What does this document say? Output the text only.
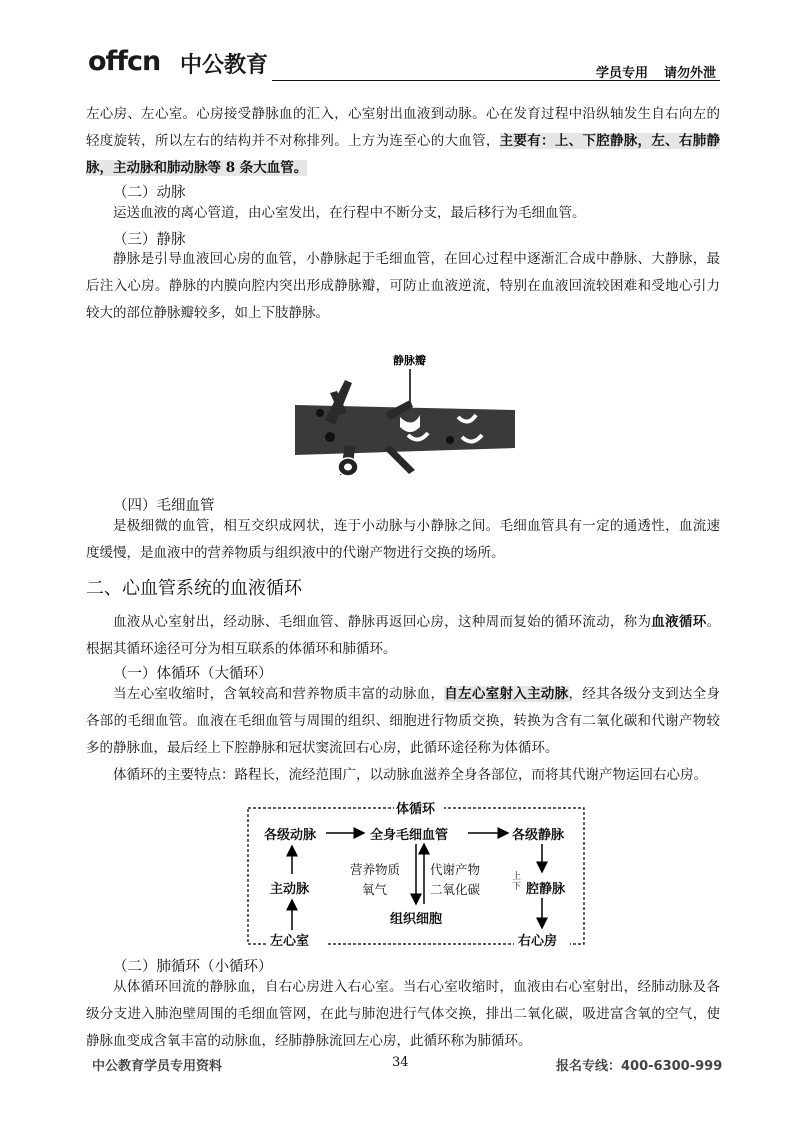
offcn 中公教育	学员专用 请勿外泄
左心房、左心室。心房接受静脉血的汇入，心室射出血液到动脉。心在发育过程中沿纵轴发生自右向左的轻度旋转，所以左右的结构并不对称排列。上方为连至心的大血管，主要有：上、下腔静脉，左、右肺静脉，主动脉和肺动脉等 8 条大血管。
（二）动脉
运送血液的离心管道，由心室发出，在行程中不断分支，最后移行为毛细血管。
（三）静脉
静脉是引导血液回心房的血管，小静脉起于毛细血管，在回心过程中逐渐汇合成中静脉、大静脉，最后注入心房。静脉的内膜向腔内突出形成静脉瓣，可防止血液逆流，特别在血液回流较困难和受地心引力较大的部位静脉瓣较多，如上下肢静脉。
静脉瓣
（四）毛细血管
是极细微的血管，相互交织成网状，连于小动脉与小静脉之间。毛细血管具有一定的通透性，血流速度缓慢，是血液中的营养物质与组织液中的代谢产物进行交换的场所。
二、心血管系统的血液循环
血液从心室射出，经动脉、毛细血管、静脉再返回心房，这种周而复始的循环流动，称为血液循环。根据其循环途径可分为相互联系的体循环和肺循环。
（一）体循环（大循环）
当左心室收缩时，含氧较高和营养物质丰富的动脉血，自左心室射入主动脉，经其各级分支到达全身各部的毛细血管。血液在毛细血管与周围的组织、细胞进行物质交换，转换为含有二氧化碳和代谢产物较多的静脉血，最后经上下腔静脉和冠状窦流回右心房，此循环途径称为体循环。
体循环的主要特点：路程长，流经范围广，以动脉血滋养全身各部位，而将其代谢产物运回右心房。
体循环
各级动脉	全身毛细血管	各级静脉
主动脉
营养物质
氧气
代谢产物
二氧化碳
上
下 腔静脉
组织细胞
左心室	右心房
（二）肺循环（小循环）
从体循环回流的静脉血，自右心房进入右心室。当右心室收缩时，血液由右心室射出，经肺动脉及各级分支进入肺泡壁周围的毛细血管网，在此与肺泡进行气体交换，排出二氧化碳，吸进富含氧的空气，使静脉血变成含氧丰富的动脉血，经肺静脉流回左心房，此循环称为肺循环。
中公教育学员专用资料	34	报名专线：400-6300-999
